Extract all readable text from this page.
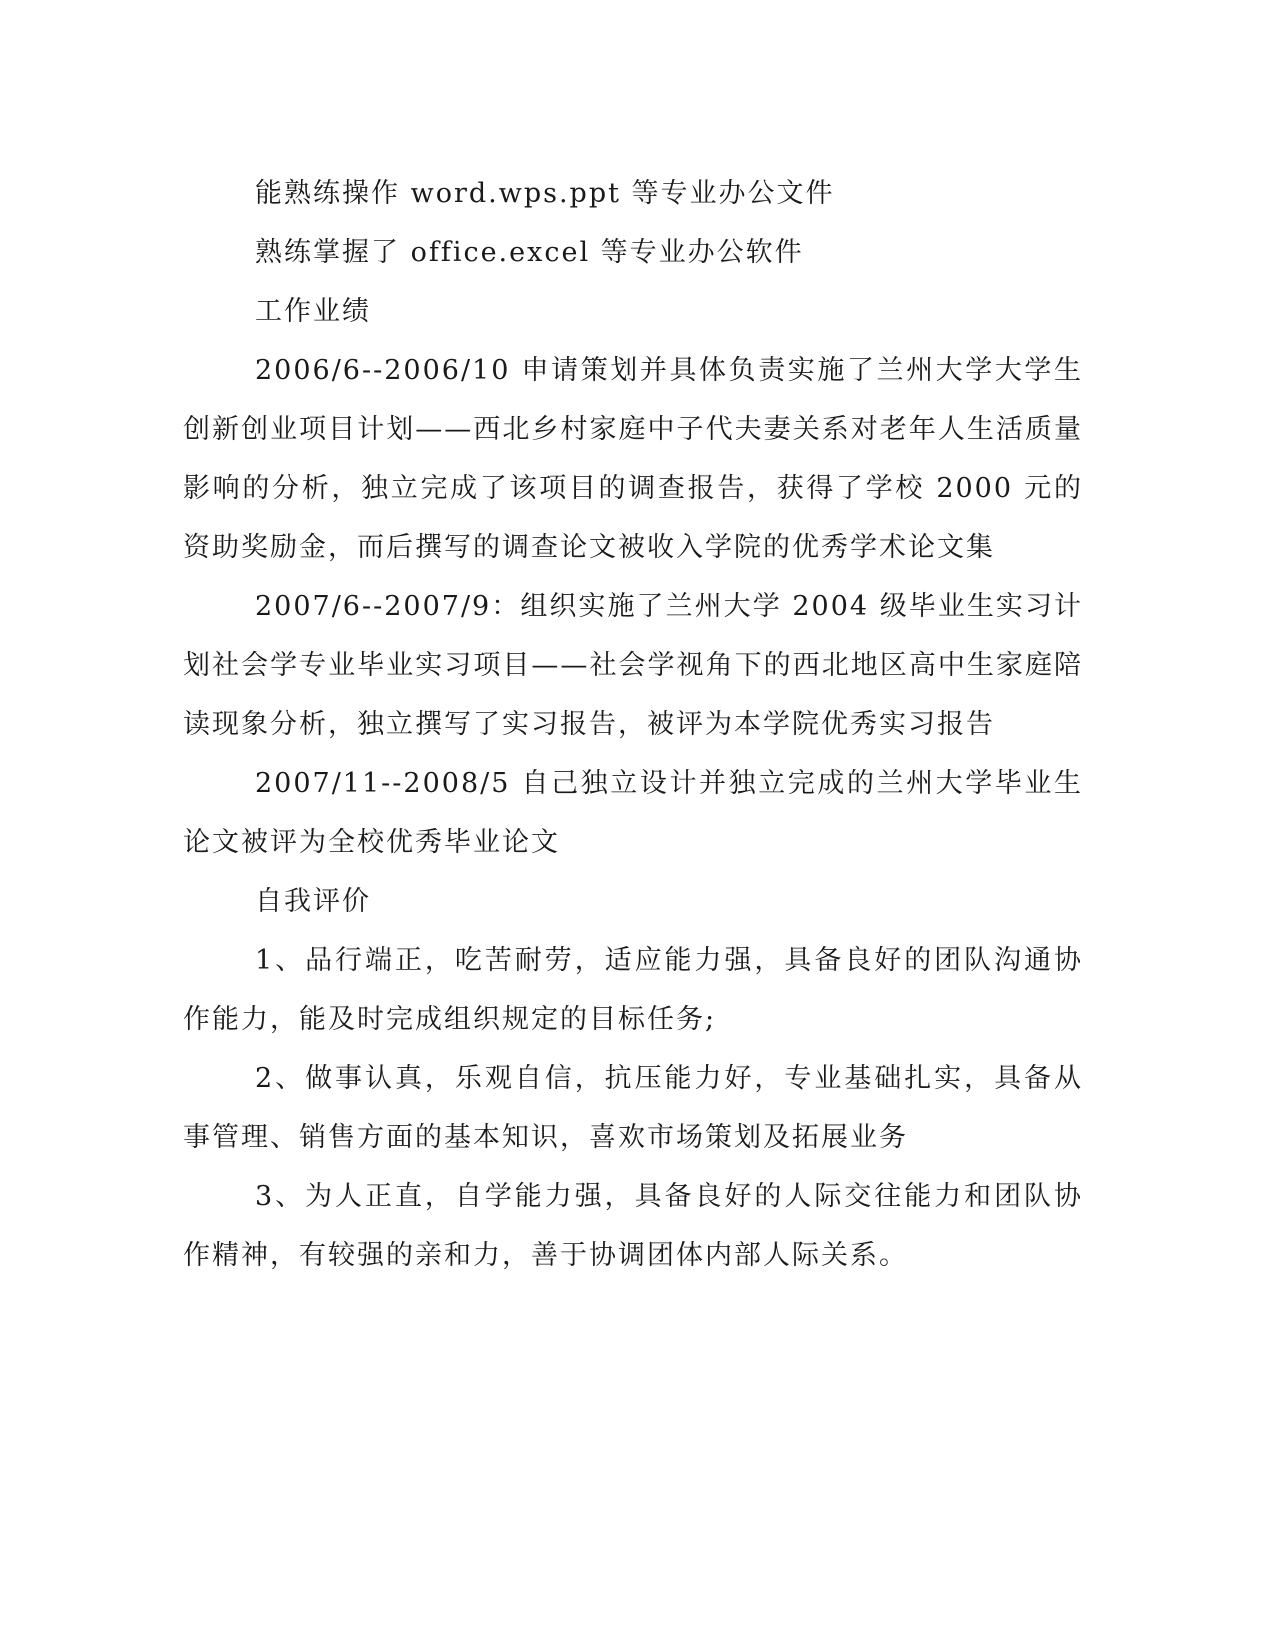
能熟练操作 word.wps.ppt 等专业办公文件

熟练掌握了 office.excel 等专业办公软件

工作业绩

2006/6--2006/10 申请策划并具体负责实施了兰州大学大学生创新创业项目计划——西北乡村家庭中子代夫妻关系对老年人生活质量影响的分析，独立完成了该项目的调查报告，获得了学校 2000 元的资助奖励金，而后撰写的调查论文被收入学院的优秀学术论文集

2007/6--2007/9：组织实施了兰州大学 2004 级毕业生实习计划社会学专业毕业实习项目——社会学视角下的西北地区高中生家庭陪读现象分析，独立撰写了实习报告，被评为本学院优秀实习报告

2007/11--2008/5 自己独立设计并独立完成的兰州大学毕业生论文被评为全校优秀毕业论文

自我评价

1、品行端正，吃苦耐劳，适应能力强，具备良好的团队沟通协作能力，能及时完成组织规定的目标任务;

2、做事认真，乐观自信，抗压能力好，专业基础扎实，具备从事管理、销售方面的基本知识，喜欢市场策划及拓展业务

3、为人正直，自学能力强，具备良好的人际交往能力和团队协作精神，有较强的亲和力，善于协调团体内部人际关系。
